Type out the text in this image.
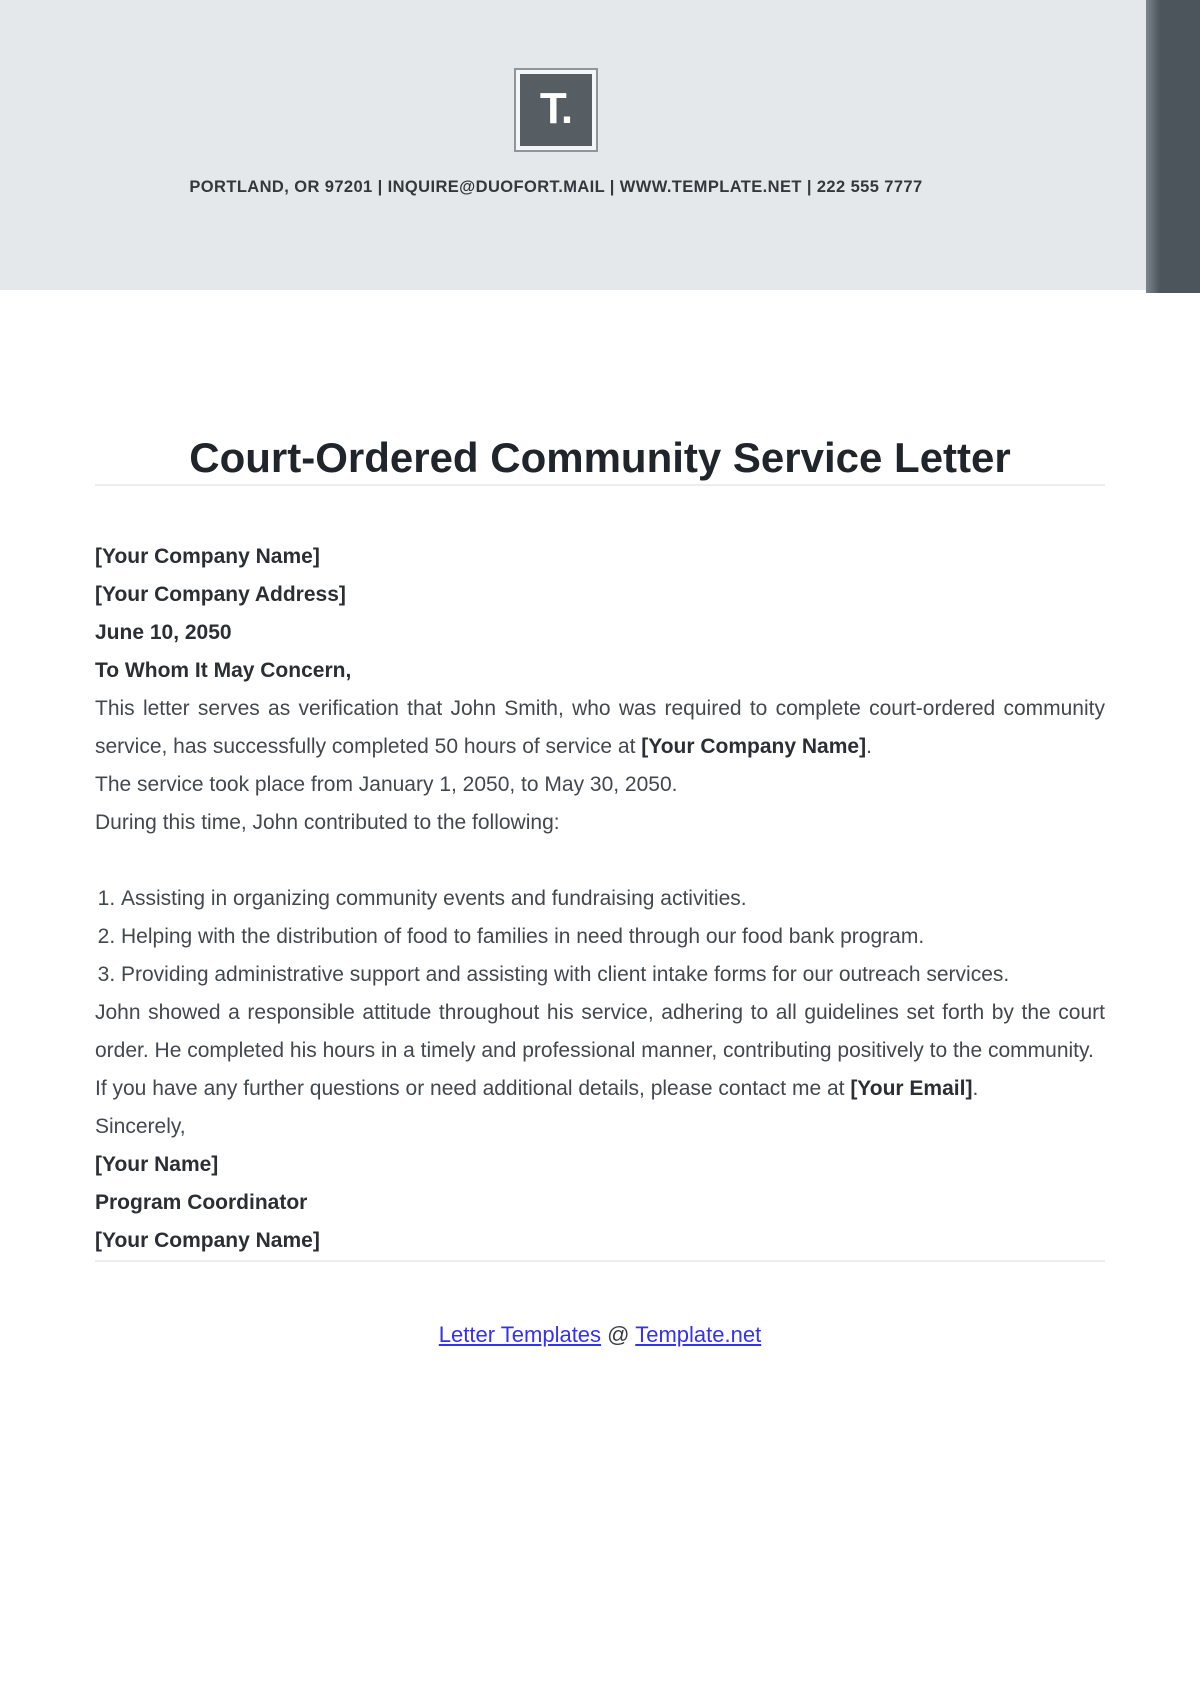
T.
PORTLAND, OR 97201 | INQUIRE@DUOFORT.MAIL | WWW.TEMPLATE.NET | 222 555 7777
Court-Ordered Community Service Letter

[Your Company Name]

[Your Company Address]

June 10, 2050

To Whom It May Concern,

This letter serves as verification that John Smith, who was required to complete court-ordered community service, has successfully completed 50 hours of service at [Your Company Name].

The service took place from January 1, 2050, to May 30, 2050.

During this time, John contributed to the following:

1. Assisting in organizing community events and fundraising activities.
2. Helping with the distribution of food to families in need through our food bank program.
3. Providing administrative support and assisting with client intake forms for our outreach services.

John showed a responsible attitude throughout his service, adhering to all guidelines set forth by the court order. He completed his hours in a timely and professional manner, contributing positively to the community.

If you have any further questions or need additional details, please contact me at [Your Email].

Sincerely,

[Your Name]

Program Coordinator

[Your Company Name]

Letter Templates @ Template.net
